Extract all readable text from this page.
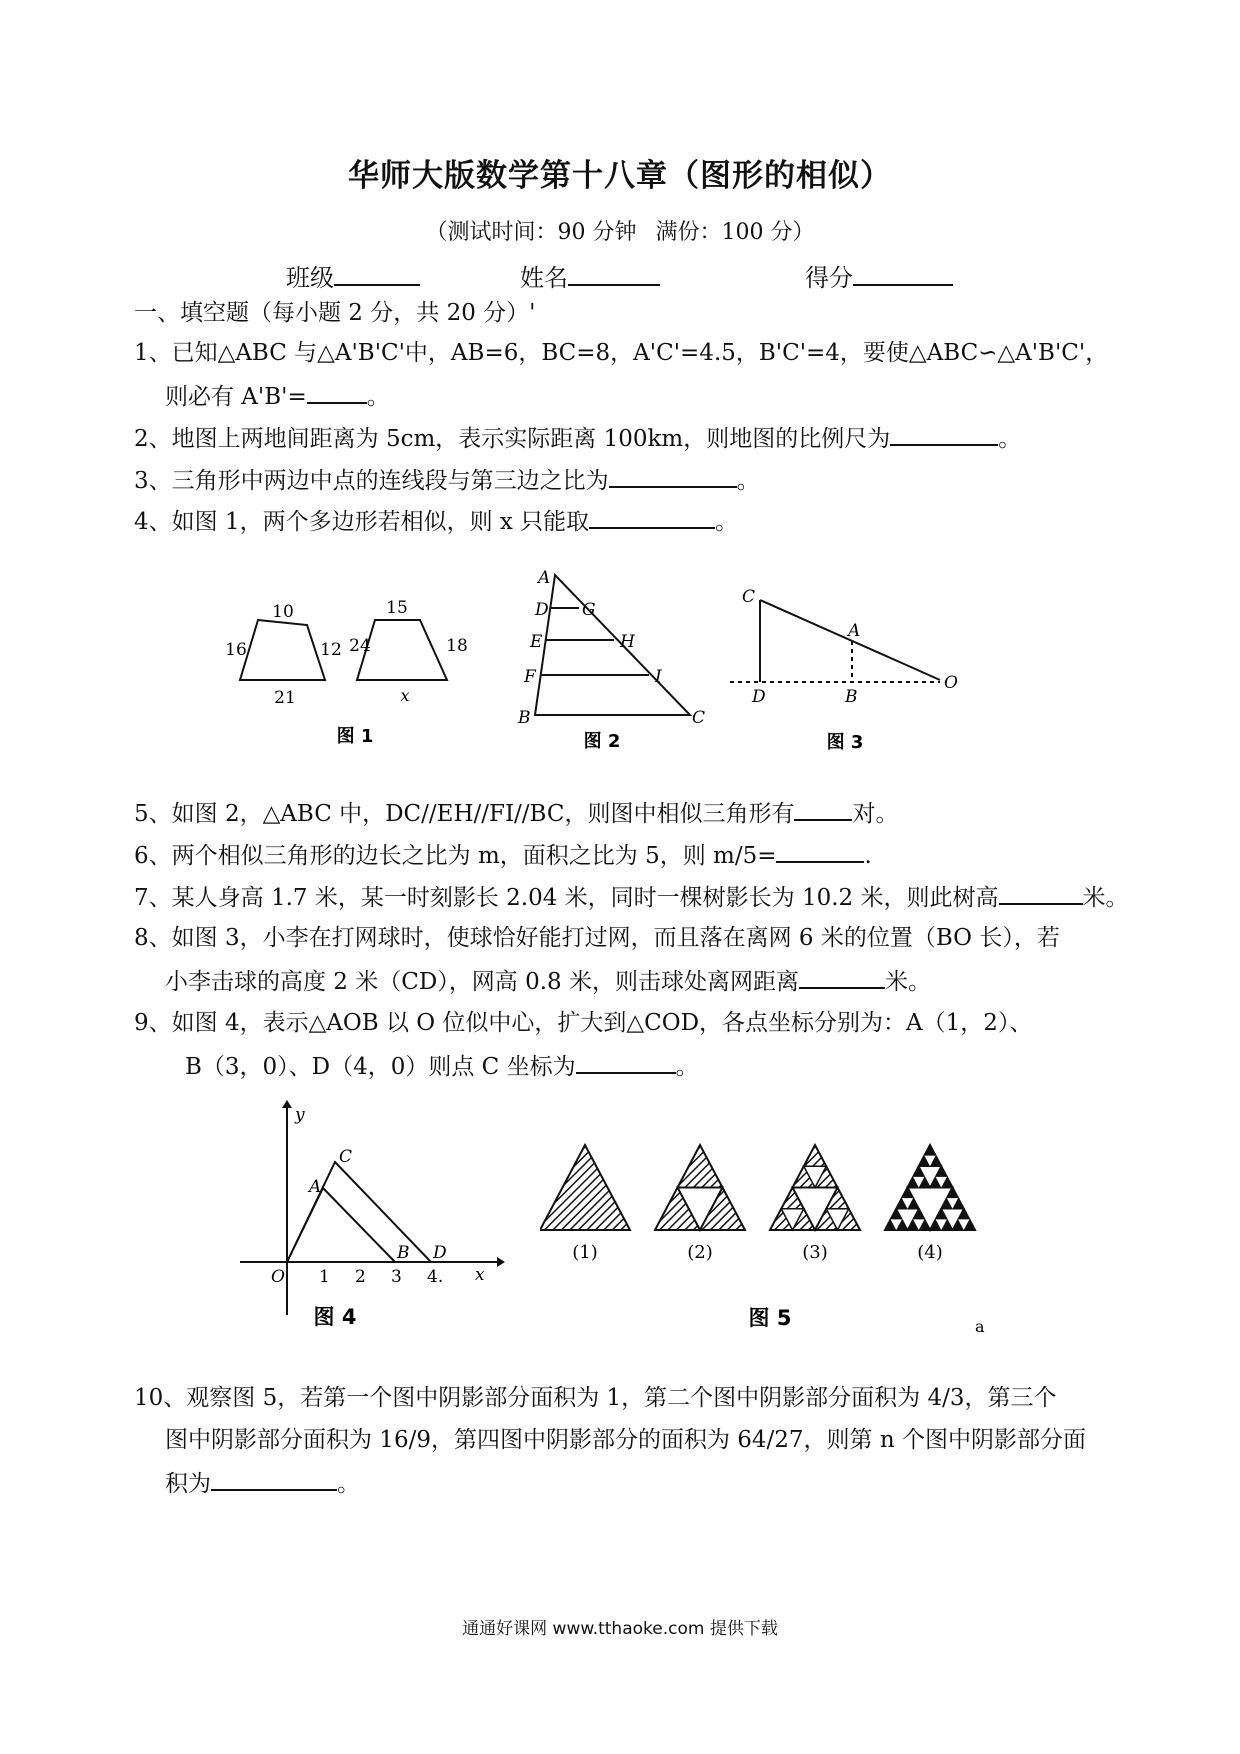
华师大版数学第十八章（图形的相似）
（测试时间：90 分钟 满份：100 分）
班级	姓名	得分
一、填空题（每小题 2 分，共 20 分）'
1、已知△ABC 与△A'B'C'中，AB=6，BC=8，A'C'=4.5，B'C'=4，要使△ABC∽△A'B'C'，
则必有 A'B'=	。
2、地图上两地间距离为 5cm，表示实际距离 100km，则地图的比例尺为	。
3、三角形中两边中点的连线段与第三边之比为	。
4、如图 1，两个多边形若相似，则 x 只能取	。
10
16	12
21
15
24	18
x
图 1
A
D G
E	H
F	I
B	C
图 2
C
A
D	B
O
图 3
5、如图 2，△ABC 中，DC//EH//FI//BC，则图中相似三角形有	对。
6、两个相似三角形的边长之比为 m，面积之比为 5，则 m/5=	.
7、某人身高 1.7 米，某一时刻影长 2.04 米，同时一棵树影长为 10.2 米，则此树高	米。
8、如图 3，小李在打网球时，使球恰好能打过网，而且落在离网 6 米的位置（BO 长），若
小李击球的高度 2 米（CD），网高 0.8 米，则击球处离网距离	米。
9、如图 4，表示△AOB 以 O 位似中心，扩大到△COD，各点坐标分别为：A（1，2）、
B（3，0）、D（4，0）则点 C 坐标为	。
y
x
O
A
C
B D
1 2 3 4.
图 4
(1)	(2)	(3)	(4)
图 5	a
10、观察图 5，若第一个图中阴影部分面积为 1，第二个图中阴影部分面积为 4/3，第三个
图中阴影部分面积为 16/9，第四图中阴影部分的面积为 64/27，则第 n 个图中阴影部分面
积为	。
通通好课网 www.tthaoke.com 提供下载
